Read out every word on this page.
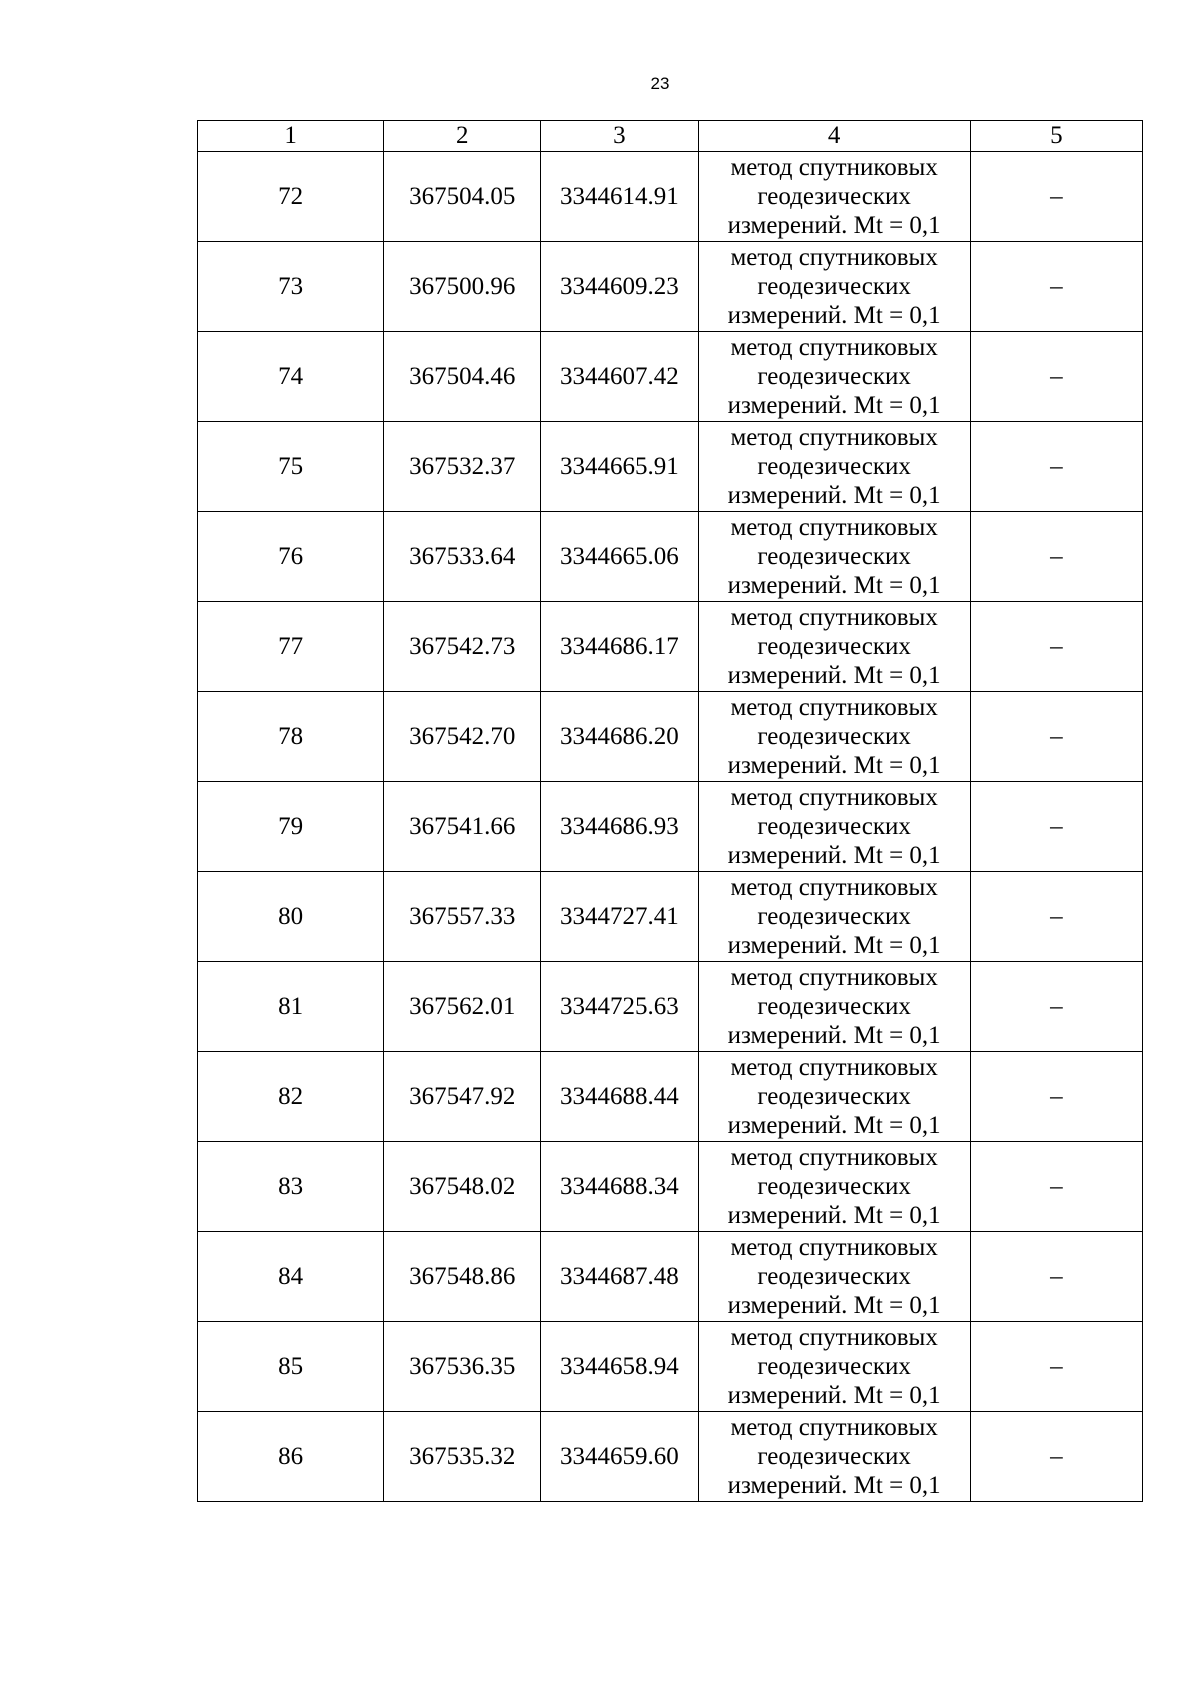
23
1	2	3	4	5
72	367504.05	3344614.91	метод спутниковых
геодезических
измерений. Mt = 0,1	–
73	367500.96	3344609.23	метод спутниковых
геодезических
измерений. Mt = 0,1	–
74	367504.46	3344607.42	метод спутниковых
геодезических
измерений. Mt = 0,1	–
75	367532.37	3344665.91	метод спутниковых
геодезических
измерений. Mt = 0,1	–
76	367533.64	3344665.06	метод спутниковых
геодезических
измерений. Mt = 0,1	–
77	367542.73	3344686.17	метод спутниковых
геодезических
измерений. Mt = 0,1	–
78	367542.70	3344686.20	метод спутниковых
геодезических
измерений. Mt = 0,1	–
79	367541.66	3344686.93	метод спутниковых
геодезических
измерений. Mt = 0,1	–
80	367557.33	3344727.41	метод спутниковых
геодезических
измерений. Mt = 0,1	–
81	367562.01	3344725.63	метод спутниковых
геодезических
измерений. Mt = 0,1	–
82	367547.92	3344688.44	метод спутниковых
геодезических
измерений. Mt = 0,1	–
83	367548.02	3344688.34	метод спутниковых
геодезических
измерений. Mt = 0,1	–
84	367548.86	3344687.48	метод спутниковых
геодезических
измерений. Mt = 0,1	–
85	367536.35	3344658.94	метод спутниковых
геодезических
измерений. Mt = 0,1	–
86	367535.32	3344659.60	метод спутниковых
геодезических
измерений. Mt = 0,1	–
